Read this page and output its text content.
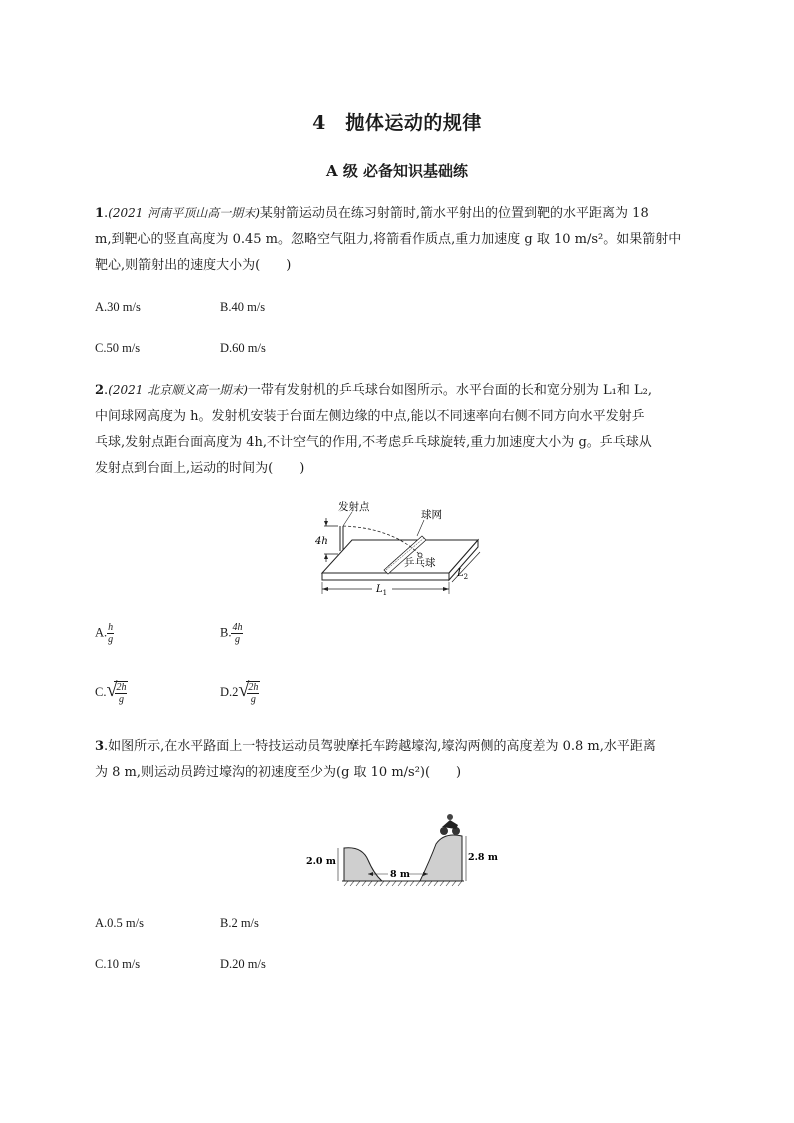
4　抛体运动的规律
A 级 必备知识基础练
1.(2021 河南平顶山高一期末)某射箭运动员在练习射箭时,箭水平射出的位置到靶的水平距离为 18
m,到靶心的竖直高度为 0.45 m。忽略空气阻力,将箭看作质点,重力加速度 g 取 10 m/s²。如果箭射中
靶心,则箭射出的速度大小为(　　)
A.30 m/s	B.40 m/s
C.50 m/s	D.60 m/s
2.(2021 北京顺义高一期末)一带有发射机的乒乓球台如图所示。水平台面的长和宽分别为 L₁和 L₂,
中间球网高度为 h。发射机安装于台面左侧边缘的中点,能以不同速率向右侧不同方向水平发射乒
乓球,发射点距台面高度为 4h,不计空气的作用,不考虑乒乓球旋转,重力加速度大小为 g。乒乓球从
发射点到台面上,运动的时间为(　　)
4h
发射点
球网
乒乓球
$L_1$
$L_2$
A. $\frac{h}{g}$	B. $\frac{4h}{g}$
C. √
$\frac{2h}{g}$	D.2 √
$\frac{2h}{g}$
3.如图所示,在水平路面上一特技运动员驾驶摩托车跨越壕沟,壕沟两侧的高度差为 0.8 m,水平距离
为 8 m,则运动员跨过壕沟的初速度至少为(g 取 10 m/s²)(　　)
2.0 m	2.8 m
8 m
A.0.5 m/s	B.2 m/s
C.10 m/s	D.20 m/s
